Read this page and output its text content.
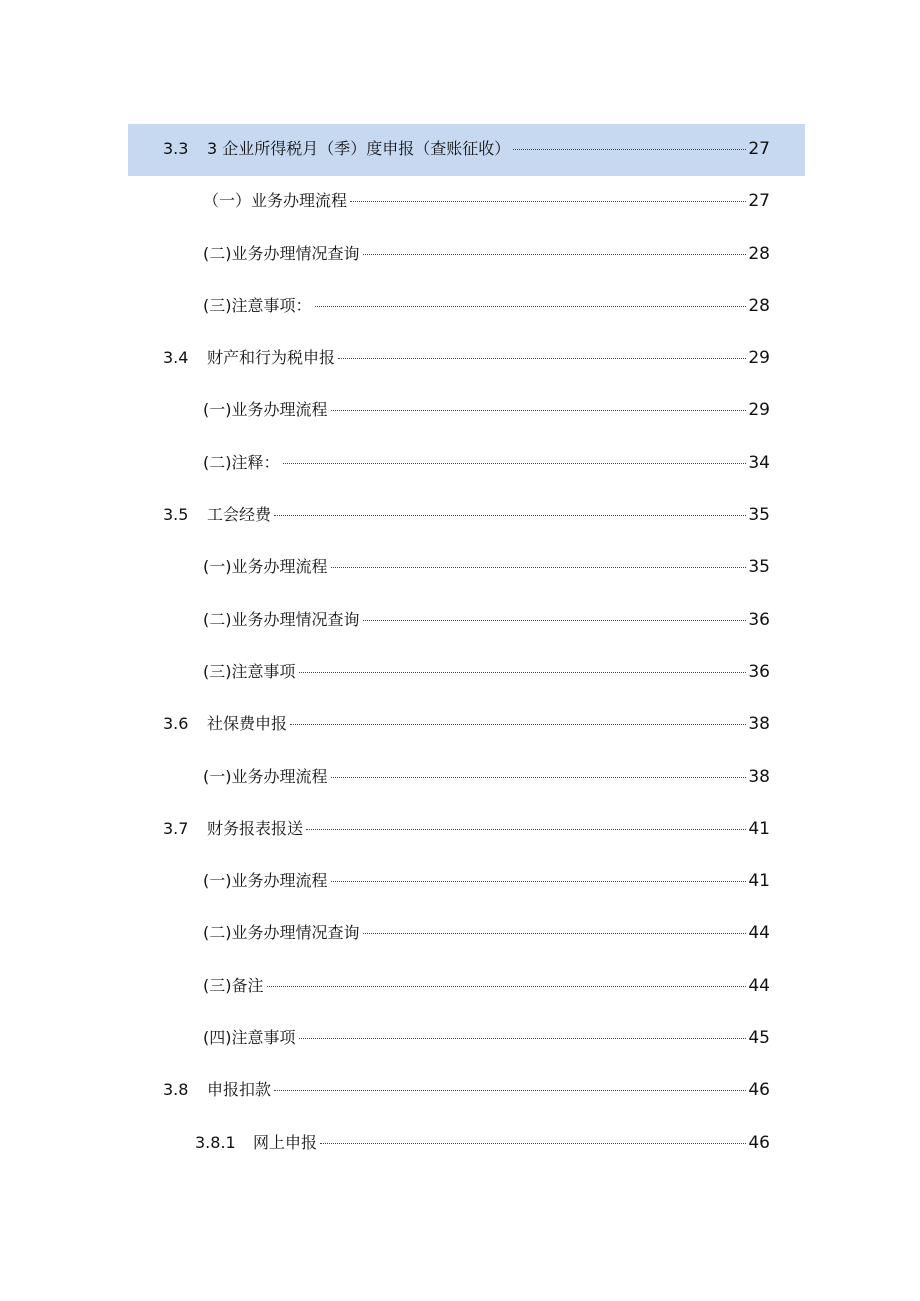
3.3	3 企业所得税月（季）度申报（查账征收）	27
（一）业务办理流程	27
(二)业务办理情况查询	28
(三)注意事项：	28
3.4	财产和行为税申报	29
(一)业务办理流程	29
(二)注释：	34
3.5	工会经费	35
(一)业务办理流程	35
(二)业务办理情况查询	36
(三)注意事项	36
3.6	社保费申报	38
(一)业务办理流程	38
3.7	财务报表报送	41
(一)业务办理流程	41
(二)业务办理情况查询	44
(三)备注	44
(四)注意事项	45
3.8	申报扣款	46
3.8.1	网上申报	46
